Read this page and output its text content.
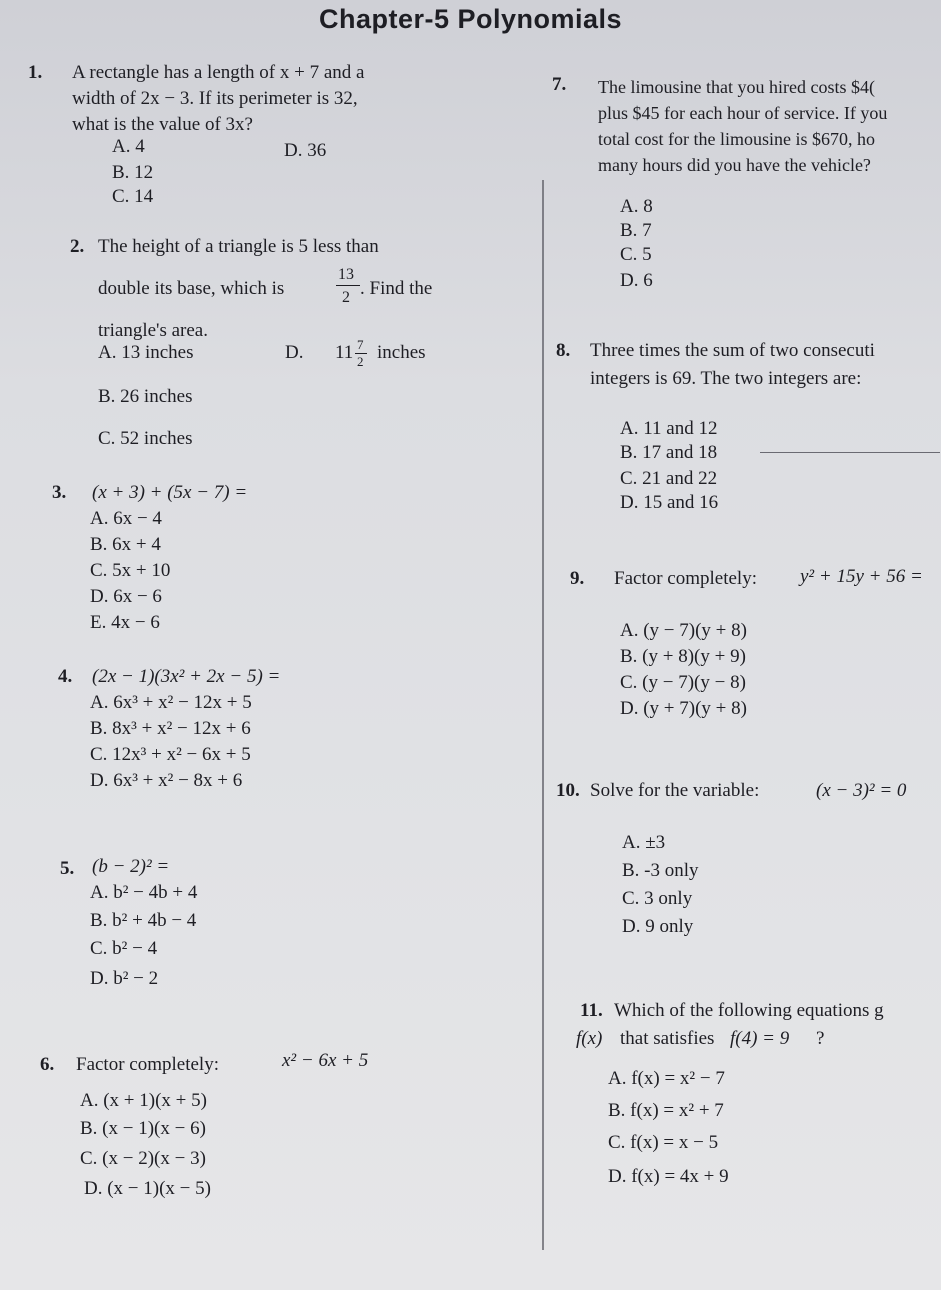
Chapter-5 Polynomials
1. A rectangle has a length of x + 7 and a
width of 2x − 3. If its perimeter is 32,
what is the value of 3x?
A. 4
B. 12
C. 14
D. 36
2. The height of a triangle is 5 less than
double its base, which is
13
2 . Find the
triangle's area.
A. 13 inches	D. 11 7
2 inches
B. 26 inches
C. 52 inches
3. (x + 3) + (5x − 7) =
A. 6x − 4
B. 6x + 4
C. 5x + 10
D. 6x − 6
E. 4x − 6
4. (2x − 1)(3x² + 2x − 5) =
A. 6x³ + x² − 12x + 5
B. 8x³ + x² − 12x + 6
C. 12x³ + x² − 6x + 5
D. 6x³ + x² − 8x + 6
5. (b − 2)² =
A. b² − 4b + 4
B. b² + 4b − 4
C. b² − 4
D. b² − 2
6. Factor completely:	x² − 6x + 5
A. (x + 1)(x + 5)
B. (x − 1)(x − 6)
C. (x − 2)(x − 3)
D. (x − 1)(x − 5)
7. The limousine that you hired costs $4(
plus $45 for each hour of service. If you
total cost for the limousine is $670, ho
many hours did you have the vehicle?
A. 8
B. 7
C. 5
D. 6
8. Three times the sum of two consecuti
integers is 69. The two integers are:
A. 11 and 12
B. 17 and 18
C. 21 and 22
D. 15 and 16
9. Factor completely: y² + 15y + 56 =
A. (y − 7)(y + 8)
B. (y + 8)(y + 9)
C. (y − 7)(y − 8)
D. (y + 7)(y + 8)
10. Solve for the variable:	(x − 3)² = 0
A. ±3
B. -3 only
C. 3 only
D. 9 only
11. Which of the following equations g
f(x) that satisfies f(4) = 9 ?
A. f(x) = x² − 7
B. f(x) = x² + 7
C. f(x) = x − 5
D. f(x) = 4x + 9
